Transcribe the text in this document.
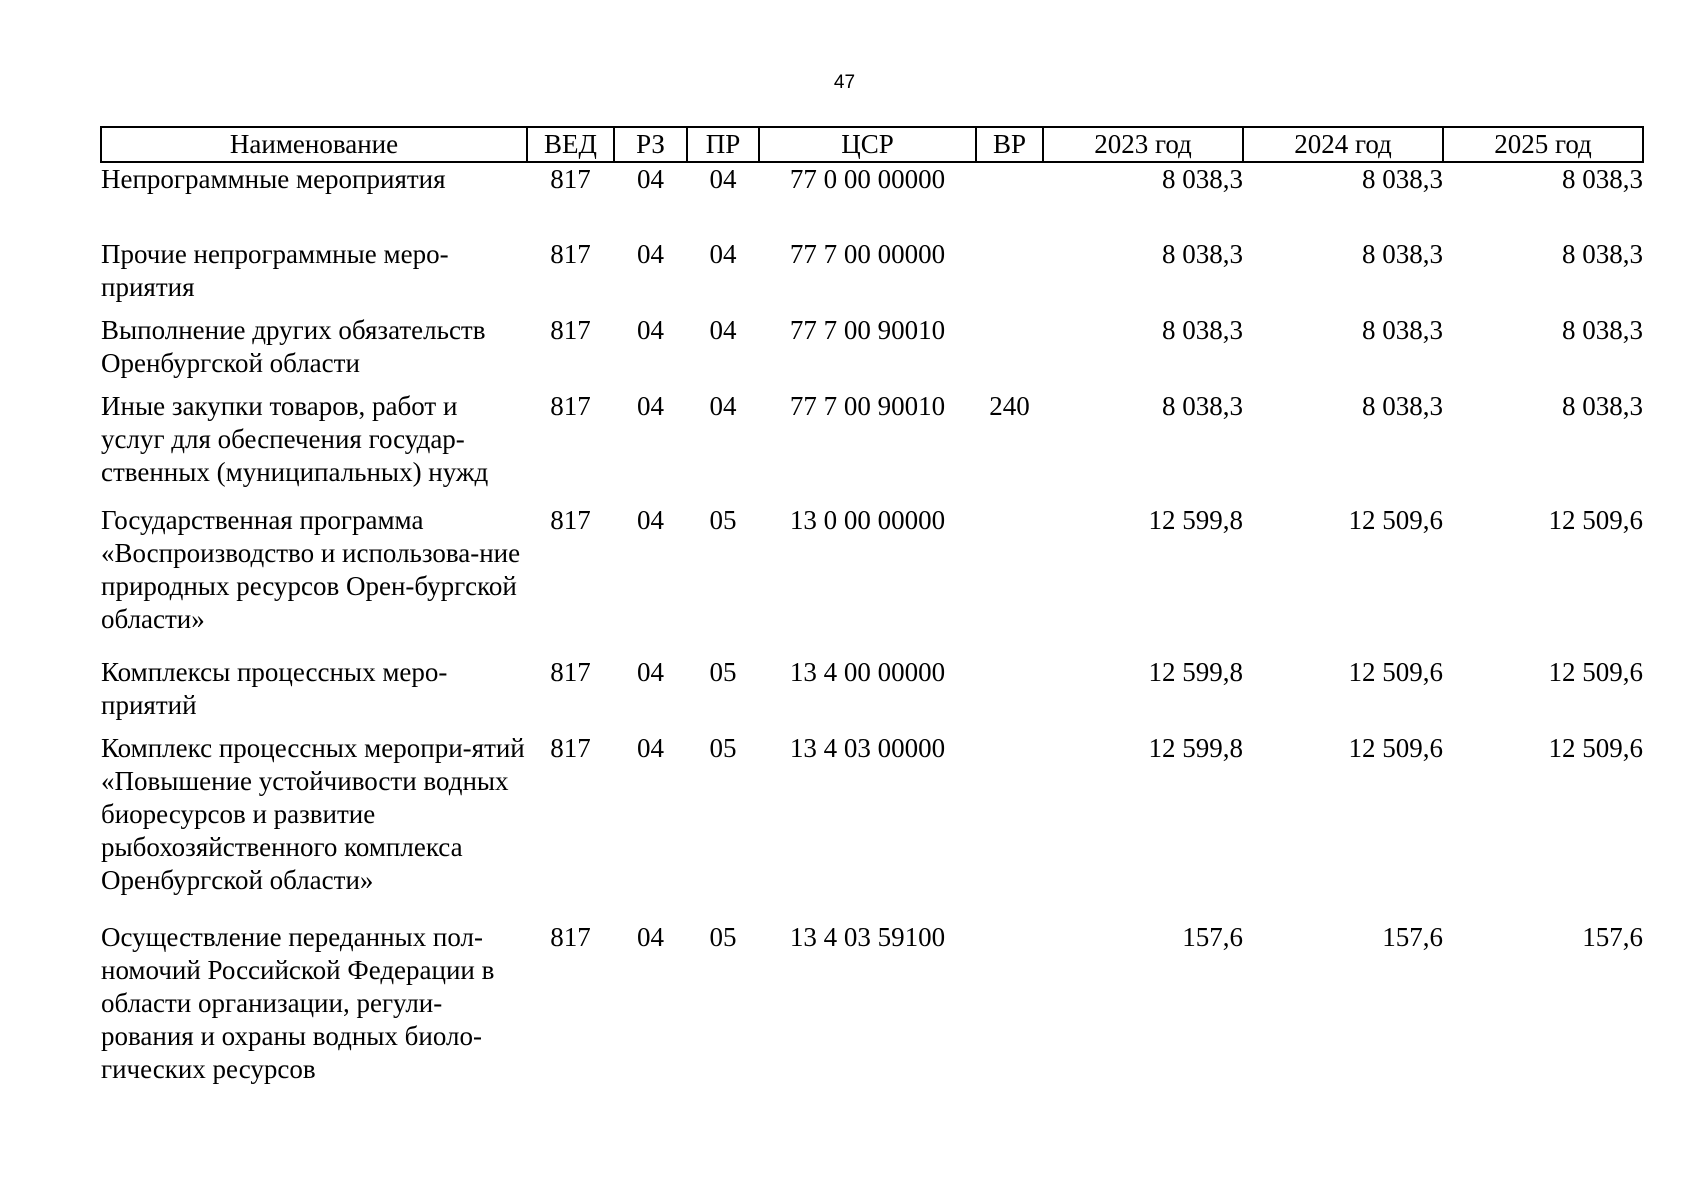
47
Наименование	ВЕД	РЗ	ПР	ЦСР	ВР	2023 год	2024 год	2025 год
Непрограммные мероприятия	817	04	04	77 0 00 00000		8 038,3	8 038,3	8 038,3
Прочие непрограммные меро-приятия	817	04	04	77 7 00 00000		8 038,3	8 038,3	8 038,3
Выполнение других обязательств Оренбургской области	817	04	04	77 7 00 90010		8 038,3	8 038,3	8 038,3
Иные закупки товаров, работ и услуг для обеспечения государ-ственных (муниципальных) нужд	817	04	04	77 7 00 90010	240	8 038,3	8 038,3	8 038,3
Государственная программа «Воспроизводство и использова-ние природных ресурсов Орен-бургской области»	817	04	05	13 0 00 00000		12 599,8	12 509,6	12 509,6
Комплексы процессных меро-приятий	817	04	05	13 4 00 00000		12 599,8	12 509,6	12 509,6
Комплекс процессных меропри-ятий «Повышение устойчивости водных биоресурсов и развитие рыбохозяйственного комплекса Оренбургской области»	817	04	05	13 4 03 00000		12 599,8	12 509,6	12 509,6
Осуществление переданных пол-номочий Российской Федерации в области организации, регули-рования и охраны водных биоло-гических ресурсов	817	04	05	13 4 03 59100		157,6	157,6	157,6
